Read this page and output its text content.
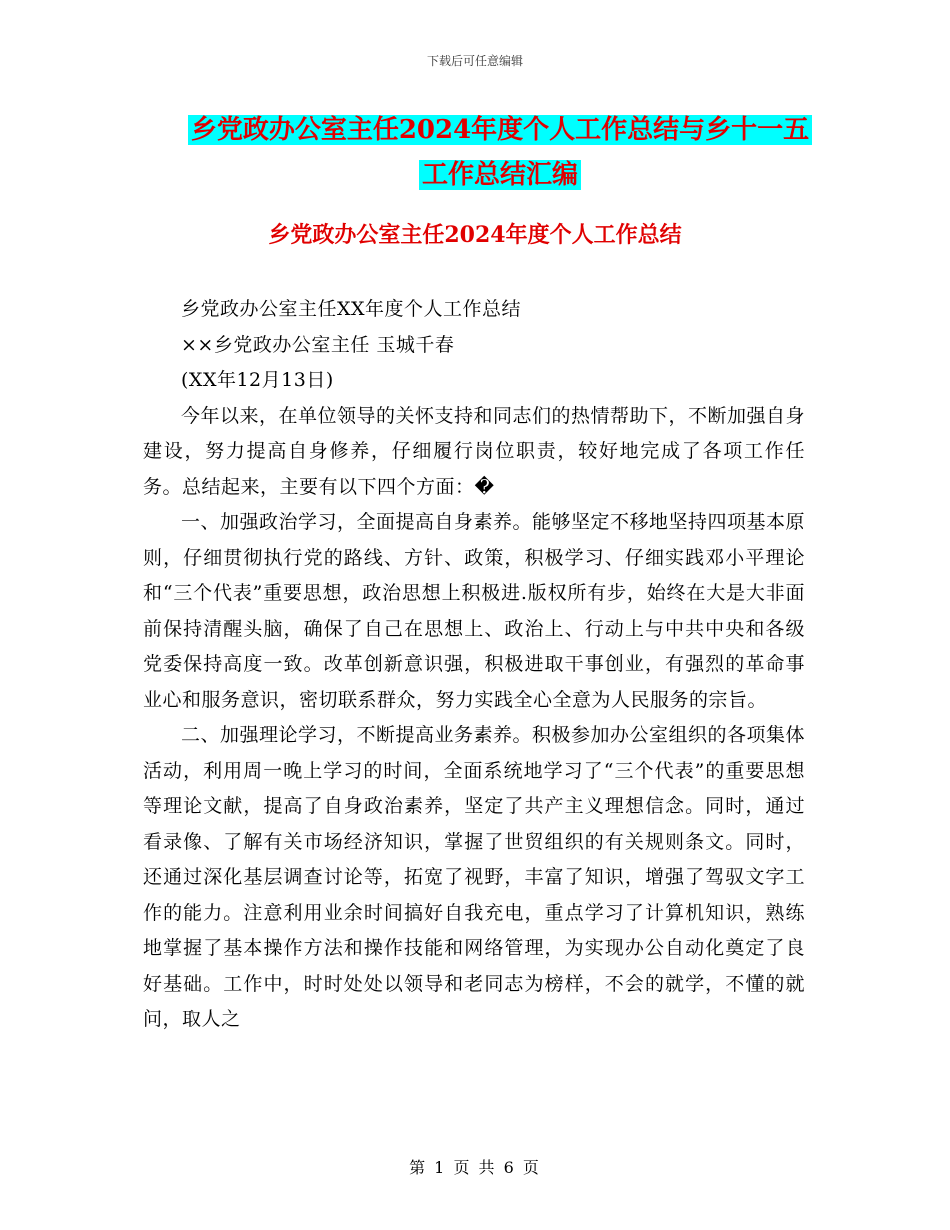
下载后可任意编辑
乡党政办公室主任2024年度个人工作总结与乡十一五
工作总结汇编
乡党政办公室主任2024年度个人工作总结

乡党政办公室主任XX年度个人工作总结

××乡党政办公室主任 玉城千春

(XX年12月13日)

今年以来，在单位领导的关怀支持和同志们的热情帮助下，不断加强自身建设，努力提高自身修养，仔细履行岗位职责，较好地完成了各项工作任务。总结起来，主要有以下四个方面：�

一、加强政治学习，全面提高自身素养。能够坚定不移地坚持四项基本原则，仔细贯彻执行党的路线、方针、政策，积极学习、仔细实践邓小平理论和“三个代表”重要思想，政治思想上积极进.版权所有步，始终在大是大非面前保持清醒头脑，确保了自己在思想上、政治上、行动上与中共中央和各级党委保持高度一致。改革创新意识强，积极进取干事创业，有强烈的革命事业心和服务意识，密切联系群众，努力实践全心全意为人民服务的宗旨。

二、加强理论学习，不断提高业务素养。积极参加办公室组织的各项集体活动，利用周一晚上学习的时间，全面系统地学习了“三个代表”的重要思想等理论文献，提高了自身政治素养，坚定了共产主义理想信念。同时，通过看录像、了解有关市场经济知识，掌握了世贸组织的有关规则条文。同时，还通过深化基层调查讨论等，拓宽了视野，丰富了知识，增强了驾驭文字工作的能力。注意利用业余时间搞好自我充电，重点学习了计算机知识，熟练地掌握了基本操作方法和操作技能和网络管理，为实现办公自动化奠定了良好基础。工作中，时时处处以领导和老同志为榜样，不会的就学，不懂的就问，取人之

第 1 页 共 6 页
